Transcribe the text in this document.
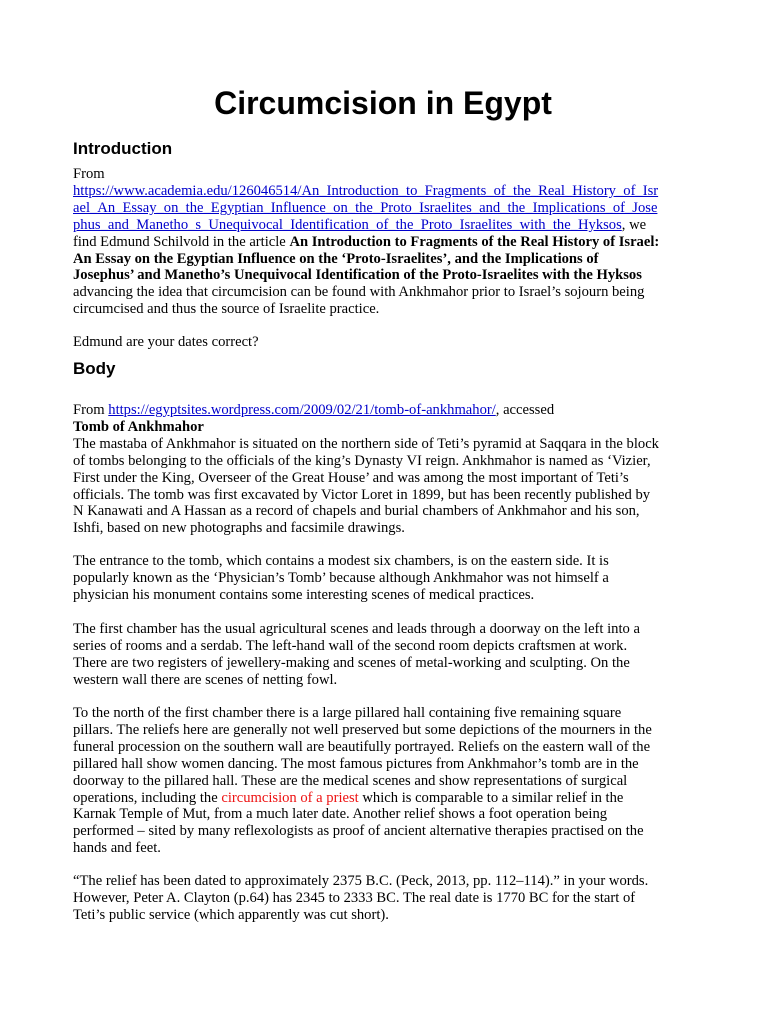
Circumcision in Egypt
Introduction
From
https://www.academia.edu/126046514/An_Introduction_to_Fragments_of_the_Real_History_of_Isr
ael_An_Essay_on_the_Egyptian_Influence_on_the_Proto_Israelites_and_the_Implications_of_Jose
phus_and_Manetho_s_Unequivocal_Identification_of_the_Proto_Israelites_with_the_Hyksos, we
find Edmund Schilvold in the article An Introduction to Fragments of the Real History of Israel:
An Essay on the Egyptian Influence on the ‘Proto-Israelites’, and the Implications of
Josephus’ and Manetho’s Unequivocal Identification of the Proto-Israelites with the Hyksos
advancing the idea that circumcision can be found with Ankhmahor prior to Israel’s sojourn being
circumcised and thus the source of Israelite practice.

Edmund are your dates correct?

Body
From https://egyptsites.wordpress.com/2009/02/21/tomb-of-ankhmahor/, accessed
Tomb of Ankhmahor
The mastaba of Ankhmahor is situated on the northern side of Teti’s pyramid at Saqqara in the block
of tombs belonging to the officials of the king’s Dynasty VI reign. Ankhmahor is named as ‘Vizier,
First under the King, Overseer of the Great House’ and was among the most important of Teti’s
officials. The tomb was first excavated by Victor Loret in 1899, but has been recently published by
N Kanawati and A Hassan as a record of chapels and burial chambers of Ankhmahor and his son,
Ishfi, based on new photographs and facsimile drawings.
The entrance to the tomb, which contains a modest six chambers, is on the eastern side. It is
popularly known as the ‘Physician’s Tomb’ because although Ankhmahor was not himself a
physician his monument contains some interesting scenes of medical practices.
The first chamber has the usual agricultural scenes and leads through a doorway on the left into a
series of rooms and a serdab. The left-hand wall of the second room depicts craftsmen at work.
There are two registers of jewellery-making and scenes of metal-working and sculpting. On the
western wall there are scenes of netting fowl.
To the north of the first chamber there is a large pillared hall containing five remaining square
pillars. The reliefs here are generally not well preserved but some depictions of the mourners in the
funeral procession on the southern wall are beautifully portrayed. Reliefs on the eastern wall of the
pillared hall show women dancing. The most famous pictures from Ankhmahor’s tomb are in the
doorway to the pillared hall. These are the medical scenes and show representations of surgical
operations, including the circumcision of a priest which is comparable to a similar relief in the
Karnak Temple of Mut, from a much later date. Another relief shows a foot operation being
performed – sited by many reflexologists as proof of ancient alternative therapies practised on the
hands and feet.
“The relief has been dated to approximately 2375 B.C. (Peck, 2013, pp. 112–114).” in your words.
However, Peter A. Clayton (p.64) has 2345 to 2333 BC. The real date is 1770 BC for the start of
Teti’s public service (which apparently was cut short).
